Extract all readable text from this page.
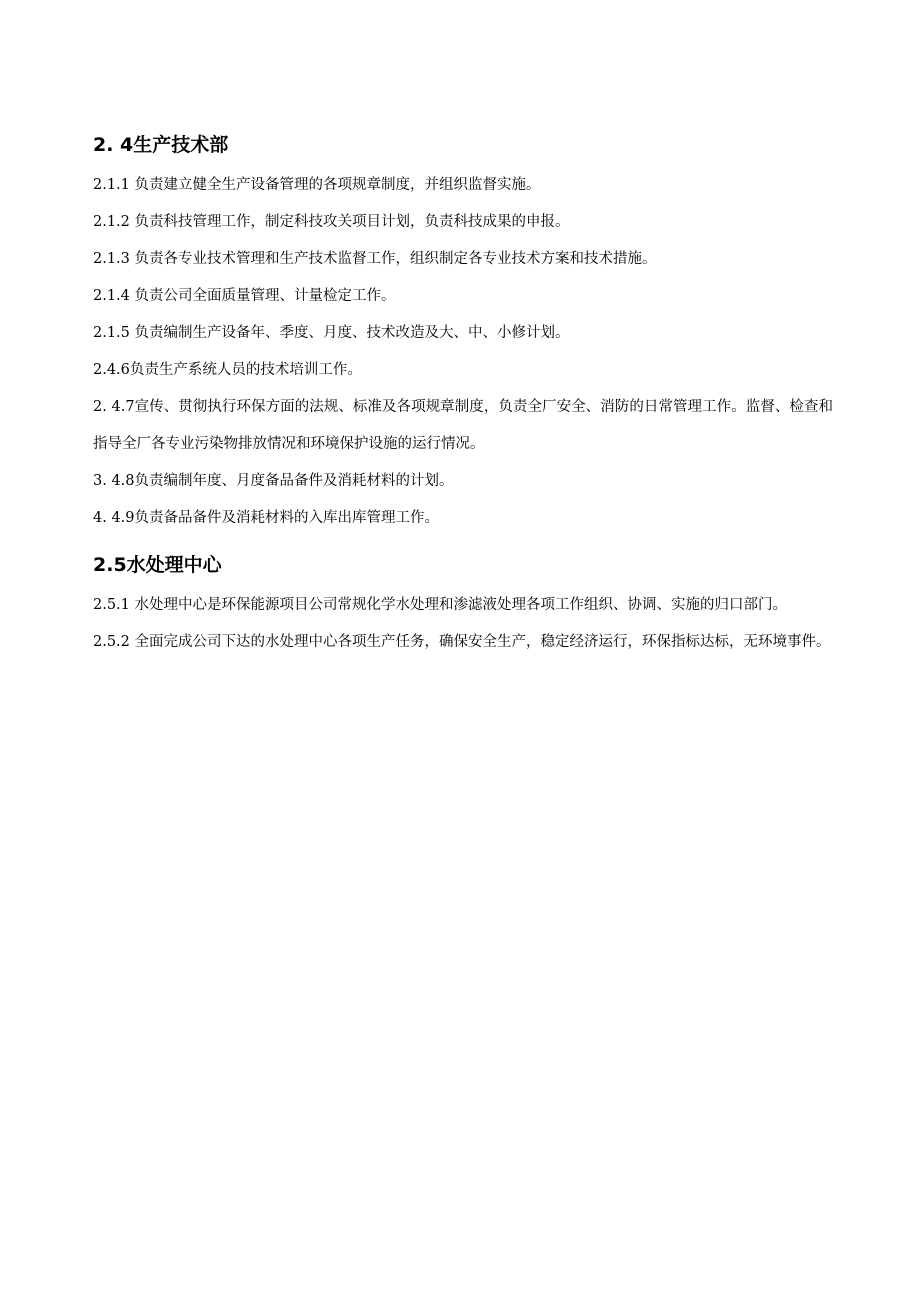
2. 4生产技术部

2.1.1 负责建立健全生产设备管理的各项规章制度，并组织监督实施。

2.1.2 负责科技管理工作，制定科技攻关项目计划，负责科技成果的申报。

2.1.3 负责各专业技术管理和生产技术监督工作，组织制定各专业技术方案和技术措施。

2.1.4 负责公司全面质量管理、计量检定工作。

2.1.5 负责编制生产设备年、季度、月度、技术改造及大、中、小修计划。

2.4.6负责生产系统人员的技术培训工作。

2. 4.7宣传、贯彻执行环保方面的法规、标准及各项规章制度，负责全厂安全、消防的日常管理工作。监督、检查和指导全厂各专业污染物排放情况和环境保护设施的运行情况。

3. 4.8负责编制年度、月度备品备件及消耗材料的计划。

4. 4.9负责备品备件及消耗材料的入库出库管理工作。

2.5水处理中心

2.5.1 水处理中心是环保能源项目公司常规化学水处理和渗滤液处理各项工作组织、协调、实施的归口部门。

2.5.2 全面完成公司下达的水处理中心各项生产任务，确保安全生产，稳定经济运行，环保指标达标，无环境事件。
